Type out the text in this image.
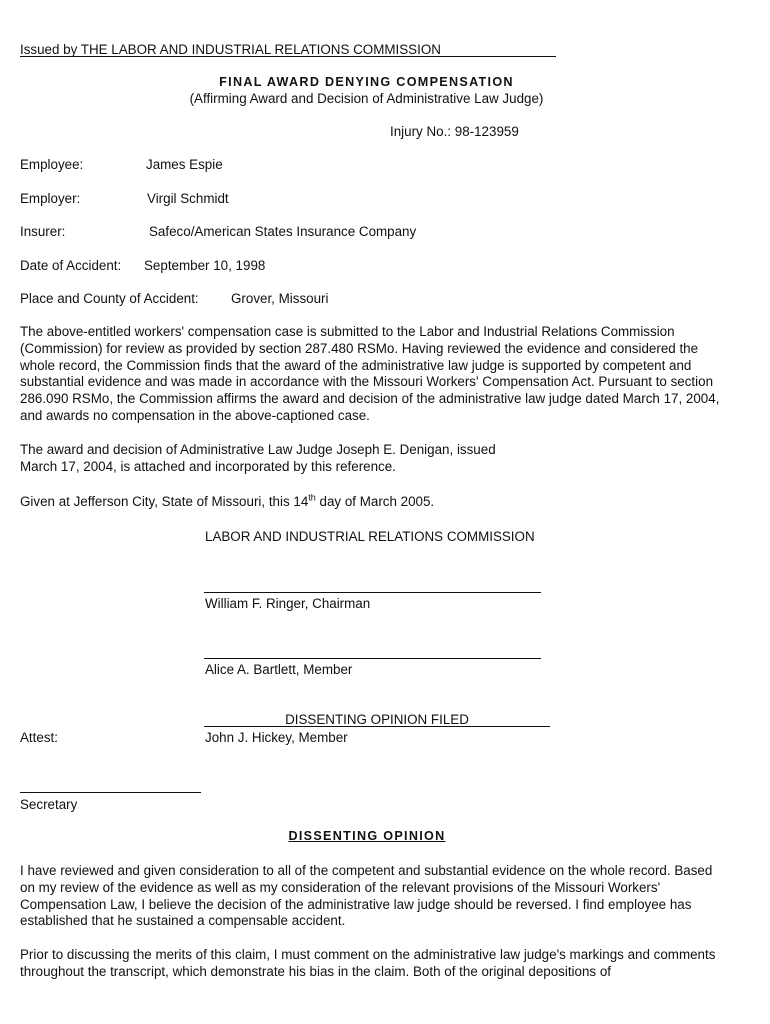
Issued by THE LABOR AND INDUSTRIAL RELATIONS COMMISSION
FINAL AWARD DENYING COMPENSATION
(Affirming Award and Decision of Administrative Law Judge)
Injury No.: 98-123959
Employee:	James Espie
Employer:	Virgil Schmidt
Insurer:	Safeco/American States Insurance Company
Date of Accident: September 10, 1998
Place and County of Accident: Grover, Missouri
The above-entitled workers' compensation case is submitted to the Labor and Industrial Relations Commission (Commission) for review as provided by section 287.480 RSMo. Having reviewed the evidence and considered the whole record, the Commission finds that the award of the administrative law judge is supported by competent and substantial evidence and was made in accordance with the Missouri Workers' Compensation Act. Pursuant to section 286.090 RSMo, the Commission affirms the award and decision of the administrative law judge dated March 17, 2004, and awards no compensation in the above-captioned case.
The award and decision of Administrative Law Judge Joseph E. Denigan, issued
March 17, 2004, is attached and incorporated by this reference.
Given at Jefferson City, State of Missouri, this 14th day of March 2005.
LABOR AND INDUSTRIAL RELATIONS COMMISSION
William F. Ringer, Chairman
Alice A. Bartlett, Member
DISSENTING OPINION FILED
John J. Hickey, Member
Attest:
Secretary
DISSENTING OPINION
I have reviewed and given consideration to all of the competent and substantial evidence on the whole record. Based on my review of the evidence as well as my consideration of the relevant provisions of the Missouri Workers' Compensation Law, I believe the decision of the administrative law judge should be reversed. I find employee has established that he sustained a compensable accident.
Prior to discussing the merits of this claim, I must comment on the administrative law judge's markings and comments throughout the transcript, which demonstrate his bias in the claim. Both of the original depositions of
